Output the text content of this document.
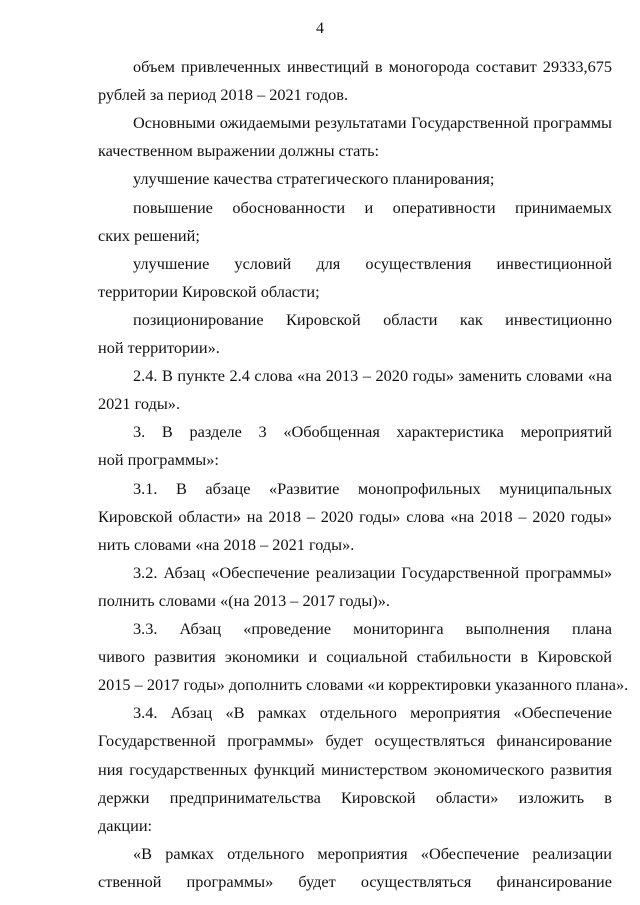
4
объем привлеченных инвестиций в моногорода составит 29333,675
рублей за период 2018 – 2021 годов.
Основными ожидаемыми результатами Государственной программы
качественном выражении должны стать:
улучшение качества стратегического планирования;
повышение обоснованности и оперативности принимаемых
ских решений;
улучшение условий для осуществления инвестиционной
территории Кировской области;
позиционирование Кировской области как инвестиционно
ной территории».
2.4. В пункте 2.4 слова «на 2013 – 2020 годы» заменить словами «на
2021 годы».
3. В разделе 3 «Обобщенная характеристика мероприятий
ной программы»:
3.1. В абзаце «Развитие монопрофильных муниципальных
Кировской области» на 2018 – 2020 годы» слова «на 2018 – 2020 годы»
нить словами «на 2018 – 2021 годы».
3.2. Абзац «Обеспечение реализации Государственной программы»
полнить словами «(на 2013 – 2017 годы)».
3.3. Абзац «проведение мониторинга выполнения плана
чивого развития экономики и социальной стабильности в Кировской
2015 – 2017 годы» дополнить словами «и корректировки указанного плана».
3.4. Абзац «В рамках отдельного мероприятия «Обеспечение
Государственной программы» будет осуществляться финансирование
ния государственных функций министерством экономического развития
держки предпринимательства Кировской области» изложить в
дакции:
«В рамках отдельного мероприятия «Обеспечение реализации
ственной программы» будет осуществляться финансирование
